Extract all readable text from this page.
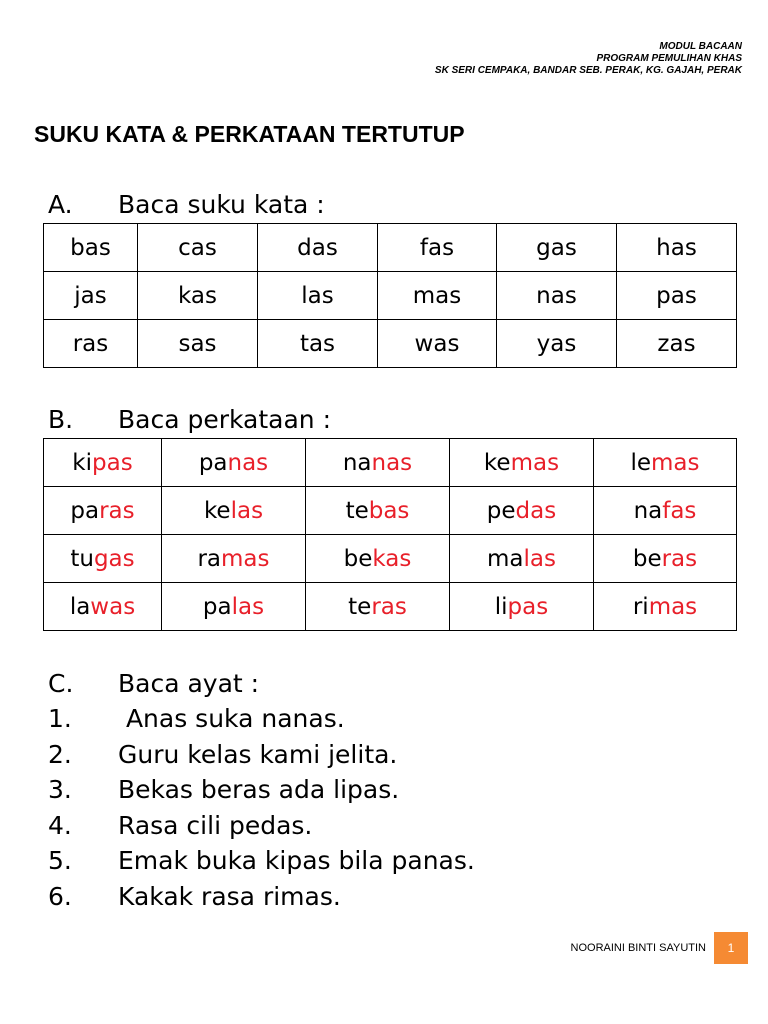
MODUL BACAAN
PROGRAM PEMULIHAN KHAS
SK SERI CEMPAKA, BANDAR SEB. PERAK, KG. GAJAH, PERAK
SUKU KATA & PERKATAAN TERTUTUP
A. Baca suku kata :
bas	cas	das	fas	gas	has
jas	kas	las	mas	nas	pas
ras	sas	tas	was	yas	zas
B. Baca perkataan :
kipas	panas	nanas	kemas	lemas
paras	kelas	tebas	pedas	nafas
tugas	ramas	bekas	malas	beras
lawas	palas	teras	lipas	rimas
C. Baca ayat :
1. Anas suka nanas.
2. Guru kelas kami jelita.
3. Bekas beras ada lipas.
4. Rasa cili pedas.
5. Emak buka kipas bila panas.
6. Kakak rasa rimas.
NOORAINI BINTI SAYUTIN	1
